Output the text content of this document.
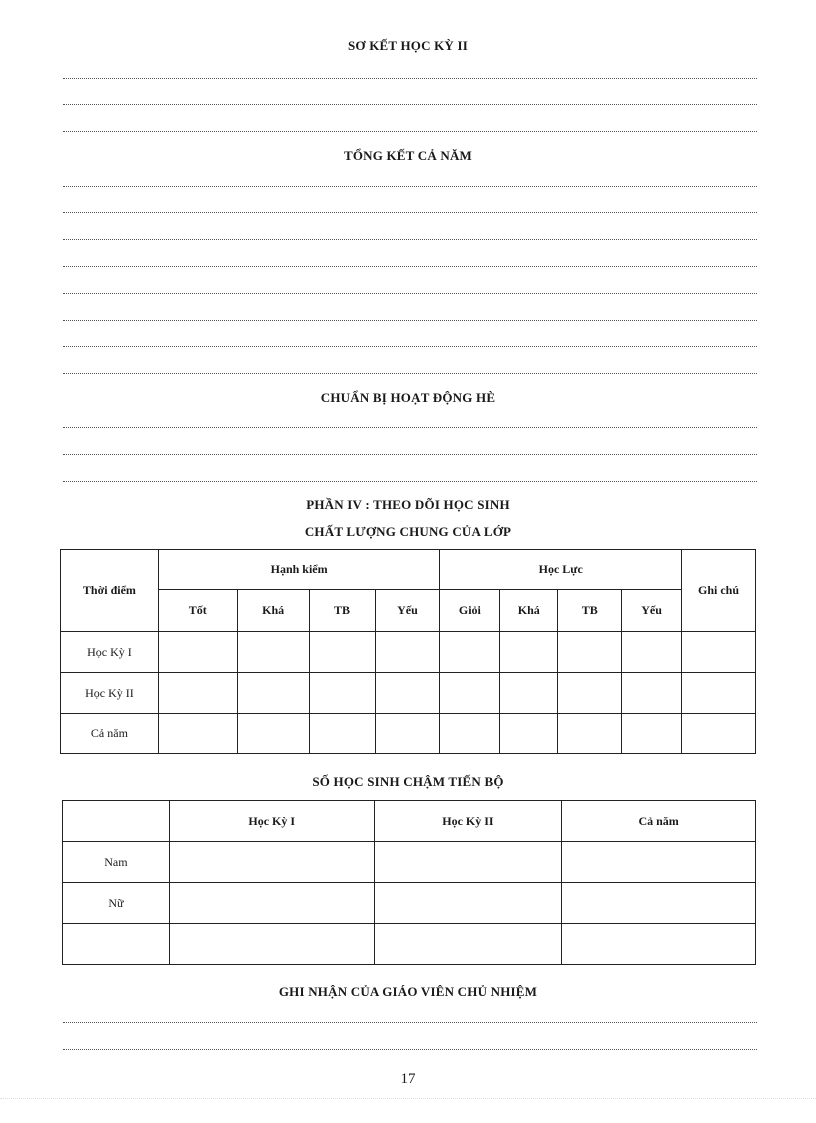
SƠ KẾT HỌC KỲ II
TỔNG KẾT CẢ NĂM
CHUẨN BỊ HOẠT ĐỘNG HÈ
PHẦN IV : THEO DÕI HỌC SINH
CHẤT LƯỢNG CHUNG CỦA LỚP
Thời điểm	Hạnh kiểm				Học Lực				Ghi chú
	Tốt	Khá	TB	Yếu	Giỏi	Khá	TB	Yếu	
Học Kỳ I									
Học Kỳ II									
Cả năm									
SỐ HỌC SINH CHẬM TIẾN BỘ
	Học Kỳ I	Học Kỳ II	Cả năm
Nam			
Nữ			

GHI NHẬN CỦA GIÁO VIÊN CHỦ NHIỆM
17
